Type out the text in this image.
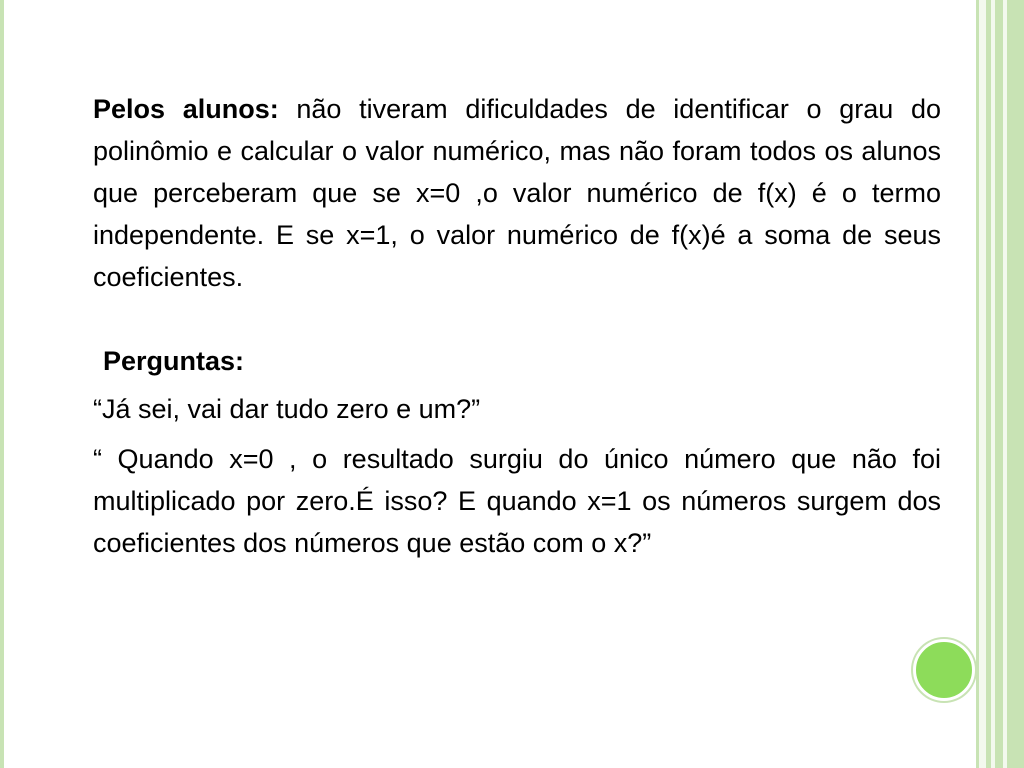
Pelos alunos: não tiveram dificuldades de identificar o grau do polinômio e calcular o valor numérico, mas não foram todos os alunos que perceberam que se x=0 ,o valor numérico de f(x) é o termo independente. E se x=1, o valor numérico de f(x)é a soma de seus coeficientes.

Perguntas:

“Já sei, vai dar tudo zero e um?”

“ Quando x=0 , o resultado surgiu do único número que não foi multiplicado por zero.É isso? E quando x=1 os números surgem dos coeficientes dos números que estão com o x?”
